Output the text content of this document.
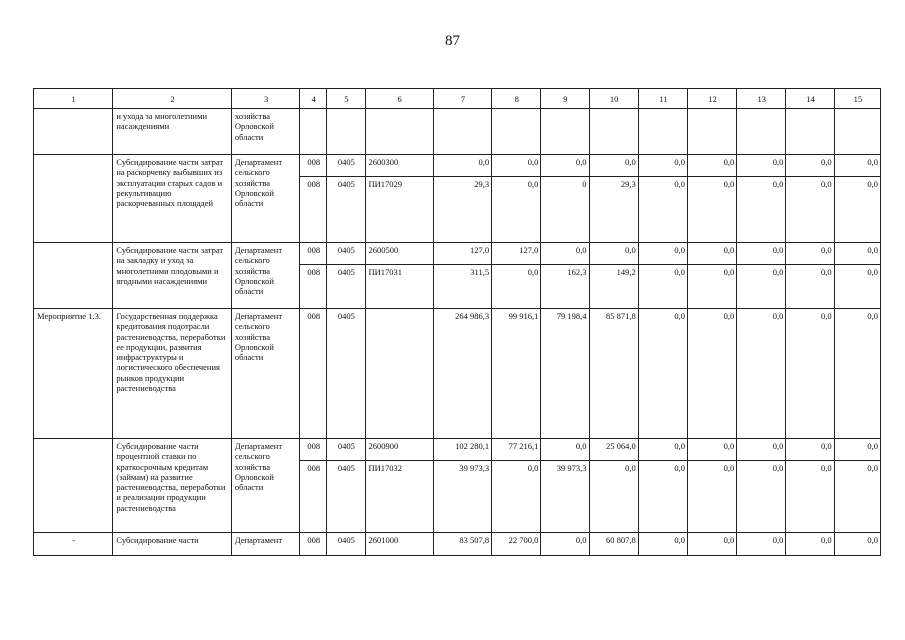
87
1	2	3	4	5	6	7	8	9	10	11	12	13	14	15
	и ухода за многолетними насаждениями	хозяйства Орловской области												
	Субсидирование части затрат на раскорчевку выбывших из эксплуатации старых садов и рекультивацию раскорчеванных площадей	Департамент сельского хозяйства Орловской области	008	0405	2600300	0,0	0,0	0,0	0,0	0,0	0,0	0,0	0,0	0,0
			008	0405	ПИ17029	29,3	0,0	0	29,3	0,0	0,0	0,0	0,0	0,0
	Субсидирование части затрат на закладку и уход за многолетними плодовыми и ягодными насаждениями	Департамент сельского хозяйства Орловской области	008	0405	2600500	127,0	127,0	0,0	0,0	0,0	0,0	0,0	0,0	0,0
			008	0405	ПИ17031	311,5	0,0	162,3	149,2	0,0	0,0	0,0	0,0	0,0
Мероприятие 1.3.	Государственная поддержка кредитования подотрасли растениеводства, переработки ее продукции, развития инфраструктуры и логистического обеспечения рынков продукции растениеводства	Департамент сельского хозяйства Орловской области	008	0405		264 986,3	99 916,1	79 198,4	85 871,8	0,0	0,0	0,0	0,0	0,0
	Субсидирование части процентной ставки по краткосрочным кредитам (займам) на развитие растениеводства, переработки и реализации продукции растениеводства	Департамент сельского хозяйства Орловской области	008	0405	2600900	102 280,1	77 216,1	0,0	25 064,0	0,0	0,0	0,0	0,0	0,0
			008	0405	ПИ17032	39 973,3	0,0	39 973,3	0,0	0,0	0,0	0,0	0,0	0,0
-	Субсидирование части	Департамент	008	0405	2601000	83 507,8	22 700,0	0,0	60 807,8	0,0	0,0	0,0	0,0	0,0
